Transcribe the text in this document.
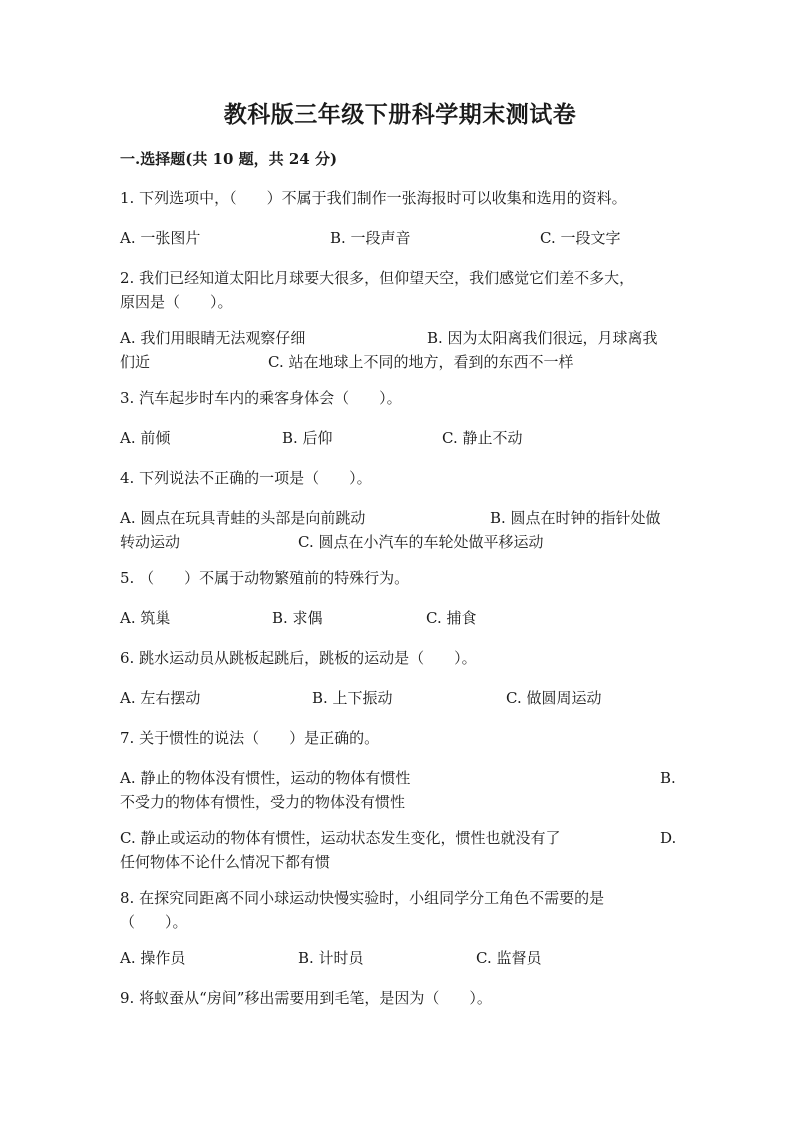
教科版三年级下册科学期末测试卷
一.选择题(共 10 题，共 24 分)
1. 下列选项中，（　　）不属于我们制作一张海报时可以收集和选用的资料。
A. 一张图片	B. 一段声音	C. 一段文字
2. 我们已经知道太阳比月球要大很多，但仰望天空，我们感觉它们差不多大，
原因是（　　）。
A. 我们用眼睛无法观察仔细	B. 因为太阳离我们很远，月球离我
们近	C. 站在地球上不同的地方，看到的东西不一样
3. 汽车起步时车内的乘客身体会（　　）。
A. 前倾	B. 后仰	C. 静止不动
4. 下列说法不正确的一项是（　　）。
A. 圆点在玩具青蛙的头部是向前跳动	B. 圆点在时钟的指针处做
转动运动	C. 圆点在小汽车的车轮处做平移运动
5. （　　）不属于动物繁殖前的特殊行为。
A. 筑巢	B. 求偶	C. 捕食
6. 跳水运动员从跳板起跳后，跳板的运动是（　　）。
A. 左右摆动	B. 上下振动	C. 做圆周运动
7. 关于惯性的说法（　　）是正确的。
A. 静止的物体没有惯性，运动的物体有惯性	B.
不受力的物体有惯性，受力的物体没有惯性
C. 静止或运动的物体有惯性，运动状态发生变化，惯性也就没有了	D.
任何物体不论什么情况下都有惯
8. 在探究同距离不同小球运动快慢实验时，小组同学分工角色不需要的是
（　　）。
A. 操作员	B. 计时员	C. 监督员
9. 将蚁蚕从“房间”移出需要用到毛笔，是因为（　　）。
